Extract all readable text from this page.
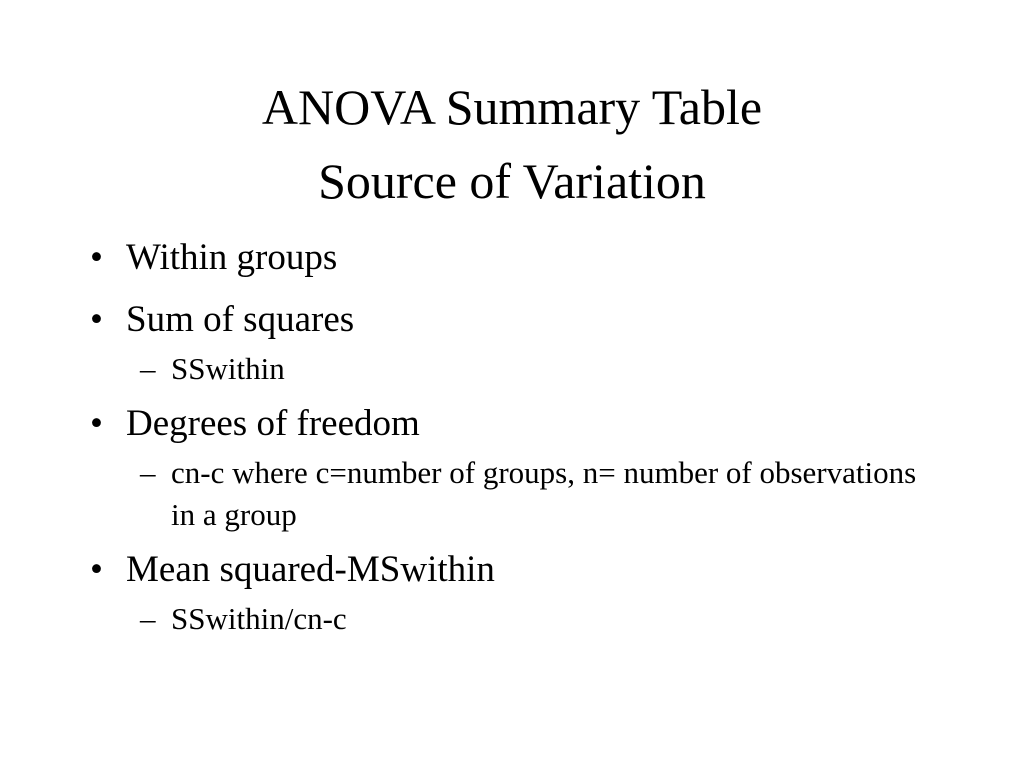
ANOVA Summary Table
Source of Variation
• Within groups
• Sum of squares
– SSwithin
• Degrees of freedom
– cn-c where c=number of groups, n= number of observations in a group
• Mean squared-MSwithin
– SSwithin/cn-c
